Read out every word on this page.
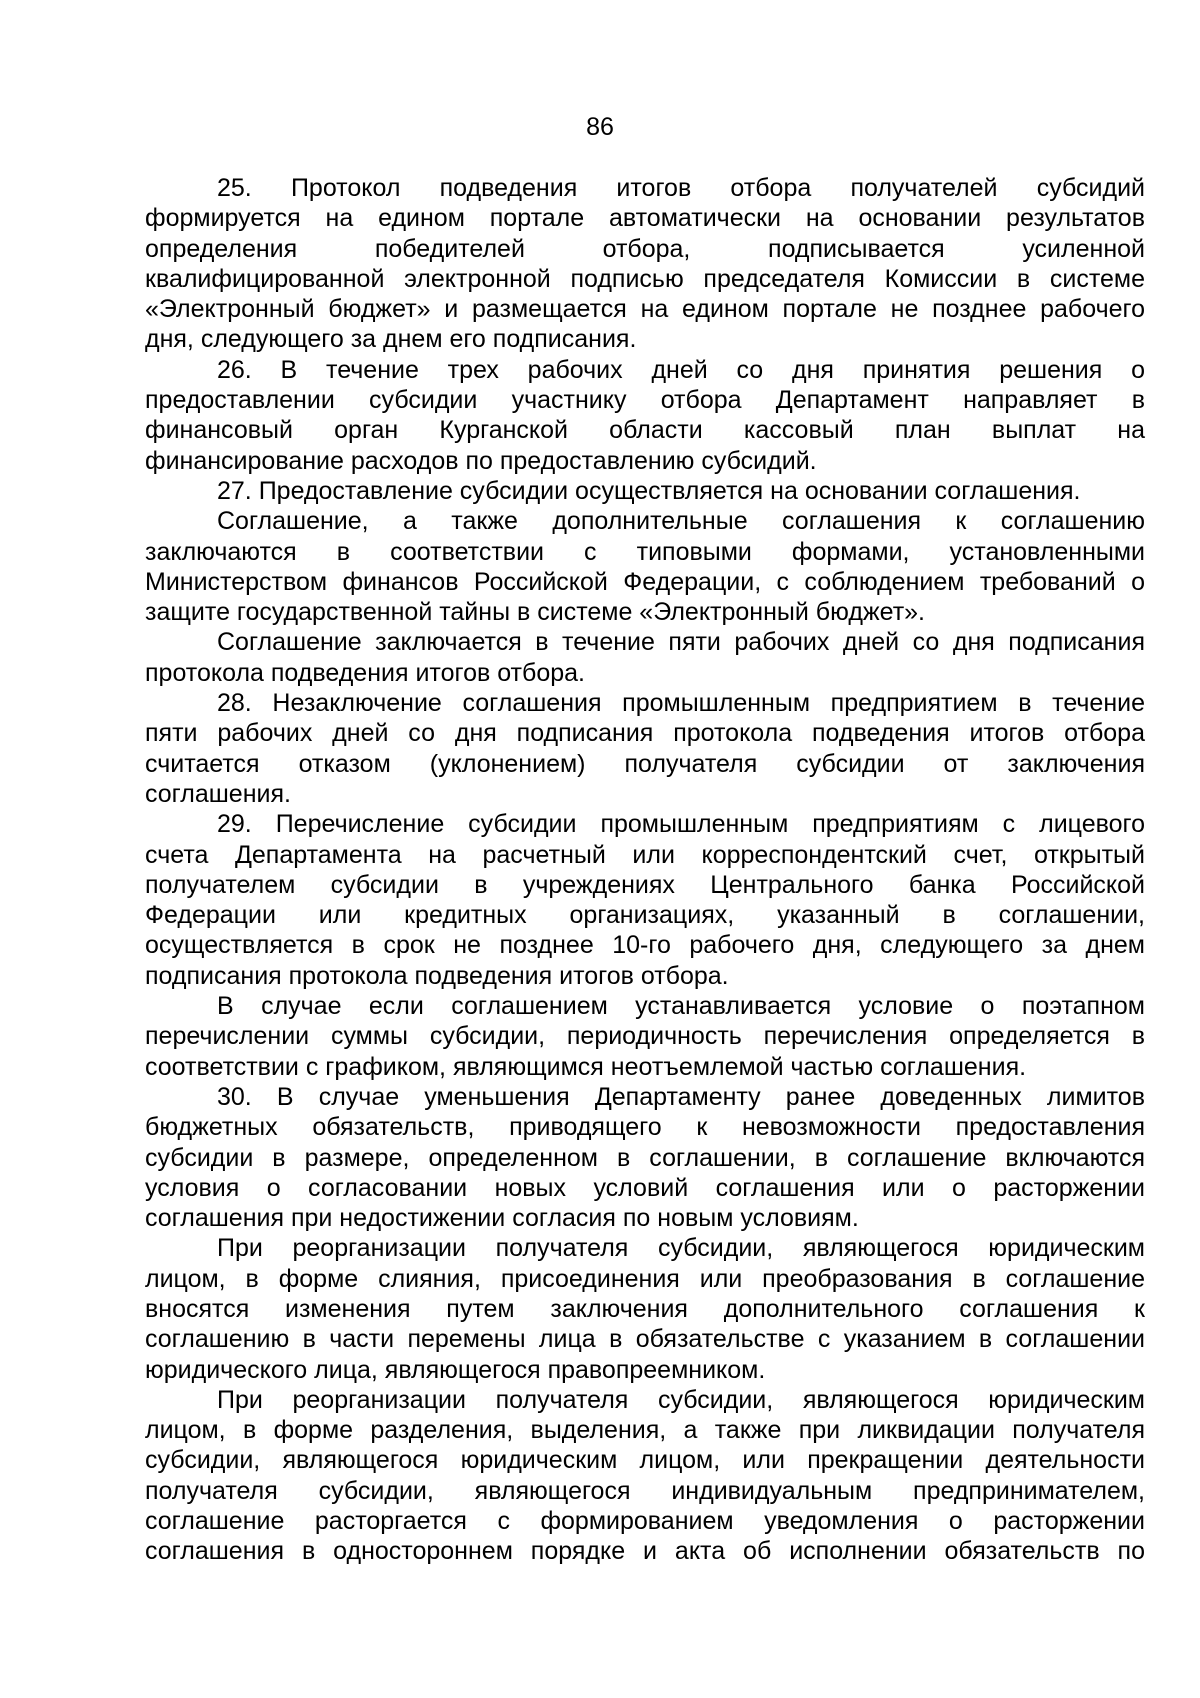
86
25. Протокол подведения итогов отбора получателей субсидий
формируется на едином портале автоматически на основании результатов
определения победителей отбора, подписывается усиленной
квалифицированной электронной подписью председателя Комиссии в системе
«Электронный бюджет» и размещается на едином портале не позднее рабочего
дня, следующего за днем его подписания.
26. В течение трех рабочих дней со дня принятия решения о
предоставлении субсидии участнику отбора Департамент направляет в
финансовый орган Курганской области кассовый план выплат на
финансирование расходов по предоставлению субсидий.
27. Предоставление субсидии осуществляется на основании соглашения.
Соглашение, а также дополнительные соглашения к соглашению
заключаются в соответствии с типовыми формами, установленными
Министерством финансов Российской Федерации, с соблюдением требований о
защите государственной тайны в системе «Электронный бюджет».
Соглашение заключается в течение пяти рабочих дней со дня подписания
протокола подведения итогов отбора.
28. Незаключение соглашения промышленным предприятием в течение
пяти рабочих дней со дня подписания протокола подведения итогов отбора
считается отказом (уклонением) получателя субсидии от заключения
соглашения.
29. Перечисление субсидии промышленным предприятиям с лицевого
счета Департамента на расчетный или корреспондентский счет, открытый
получателем субсидии в учреждениях Центрального банка Российской
Федерации или кредитных организациях, указанный в соглашении,
осуществляется в срок не позднее 10-го рабочего дня, следующего за днем
подписания протокола подведения итогов отбора.
В случае если соглашением устанавливается условие о поэтапном
перечислении суммы субсидии, периодичность перечисления определяется в
соответствии с графиком, являющимся неотъемлемой частью соглашения.
30. В случае уменьшения Департаменту ранее доведенных лимитов
бюджетных обязательств, приводящего к невозможности предоставления
субсидии в размере, определенном в соглашении, в соглашение включаются
условия о согласовании новых условий соглашения или о расторжении
соглашения при недостижении согласия по новым условиям.
При реорганизации получателя субсидии, являющегося юридическим
лицом, в форме слияния, присоединения или преобразования в соглашение
вносятся изменения путем заключения дополнительного соглашения к
соглашению в части перемены лица в обязательстве с указанием в соглашении
юридического лица, являющегося правопреемником.
При реорганизации получателя субсидии, являющегося юридическим
лицом, в форме разделения, выделения, а также при ликвидации получателя
субсидии, являющегося юридическим лицом, или прекращении деятельности
получателя субсидии, являющегося индивидуальным предпринимателем,
соглашение расторгается с формированием уведомления о расторжении
соглашения в одностороннем порядке и акта об исполнении обязательств по
